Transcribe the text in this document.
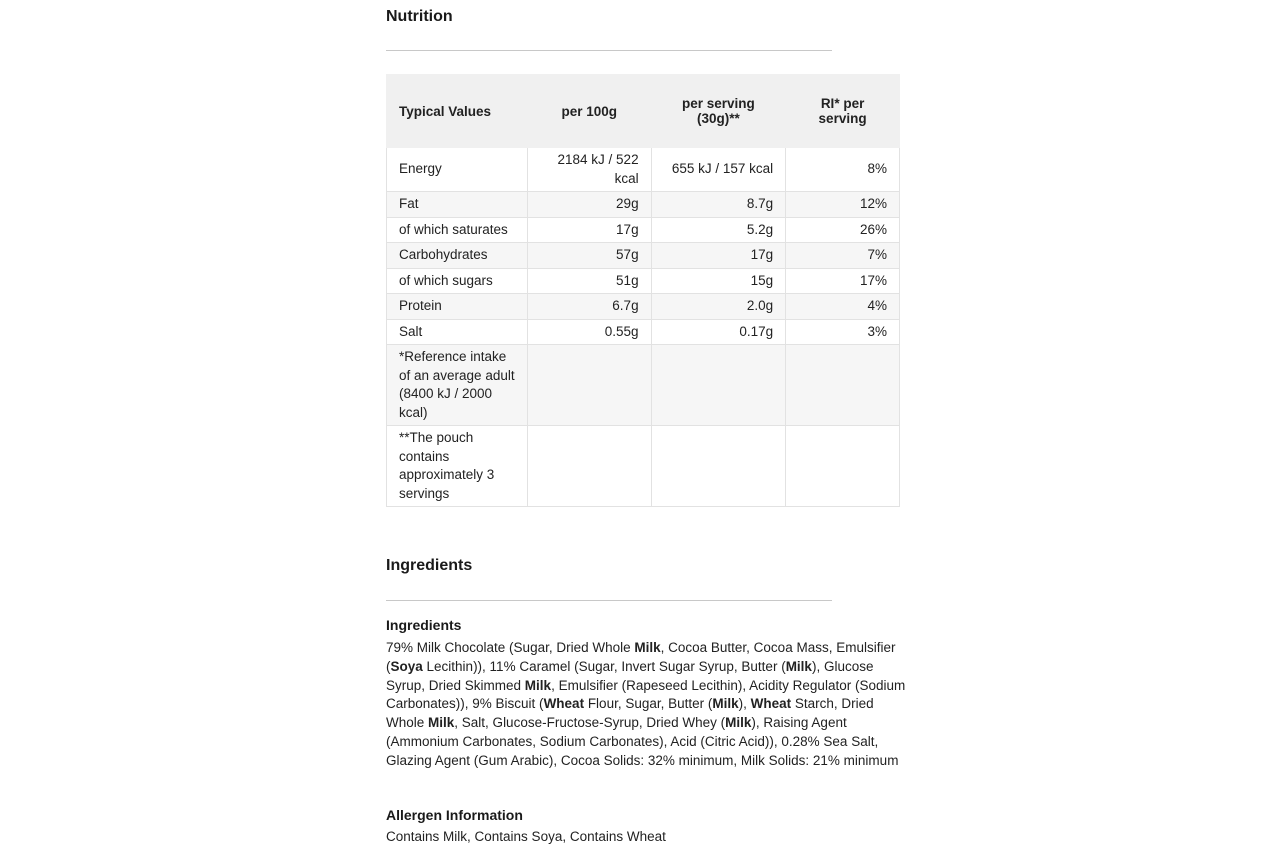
Nutrition
Typical Values	per 100g	per serving (30g)**	RI* per serving
Energy	2184 kJ / 522 kcal	655 kJ / 157 kcal	8%
Fat	29g	8.7g	12%
of which saturates	17g	5.2g	26%
Carbohydrates	57g	17g	7%
of which sugars	51g	15g	17%
Protein	6.7g	2.0g	4%
Salt	0.55g	0.17g	3%
*Reference intake of an average adult (8400 kJ / 2000 kcal)			
**The pouch contains approximately 3 servings			
Ingredients
Ingredients
79% Milk Chocolate (Sugar, Dried Whole Milk, Cocoa Butter, Cocoa Mass, Emulsifier (Soya Lecithin)), 11% Caramel (Sugar, Invert Sugar Syrup, Butter (Milk), Glucose Syrup, Dried Skimmed Milk, Emulsifier (Rapeseed Lecithin), Acidity Regulator (Sodium Carbonates)), 9% Biscuit (Wheat Flour, Sugar, Butter (Milk), Wheat Starch, Dried Whole Milk, Salt, Glucose-Fructose-Syrup, Dried Whey (Milk), Raising Agent (Ammonium Carbonates, Sodium Carbonates), Acid (Citric Acid)), 0.28% Sea Salt, Glazing Agent (Gum Arabic), Cocoa Solids: 32% minimum, Milk Solids: 21% minimum
Allergen Information
Contains Milk, Contains Soya, Contains Wheat
